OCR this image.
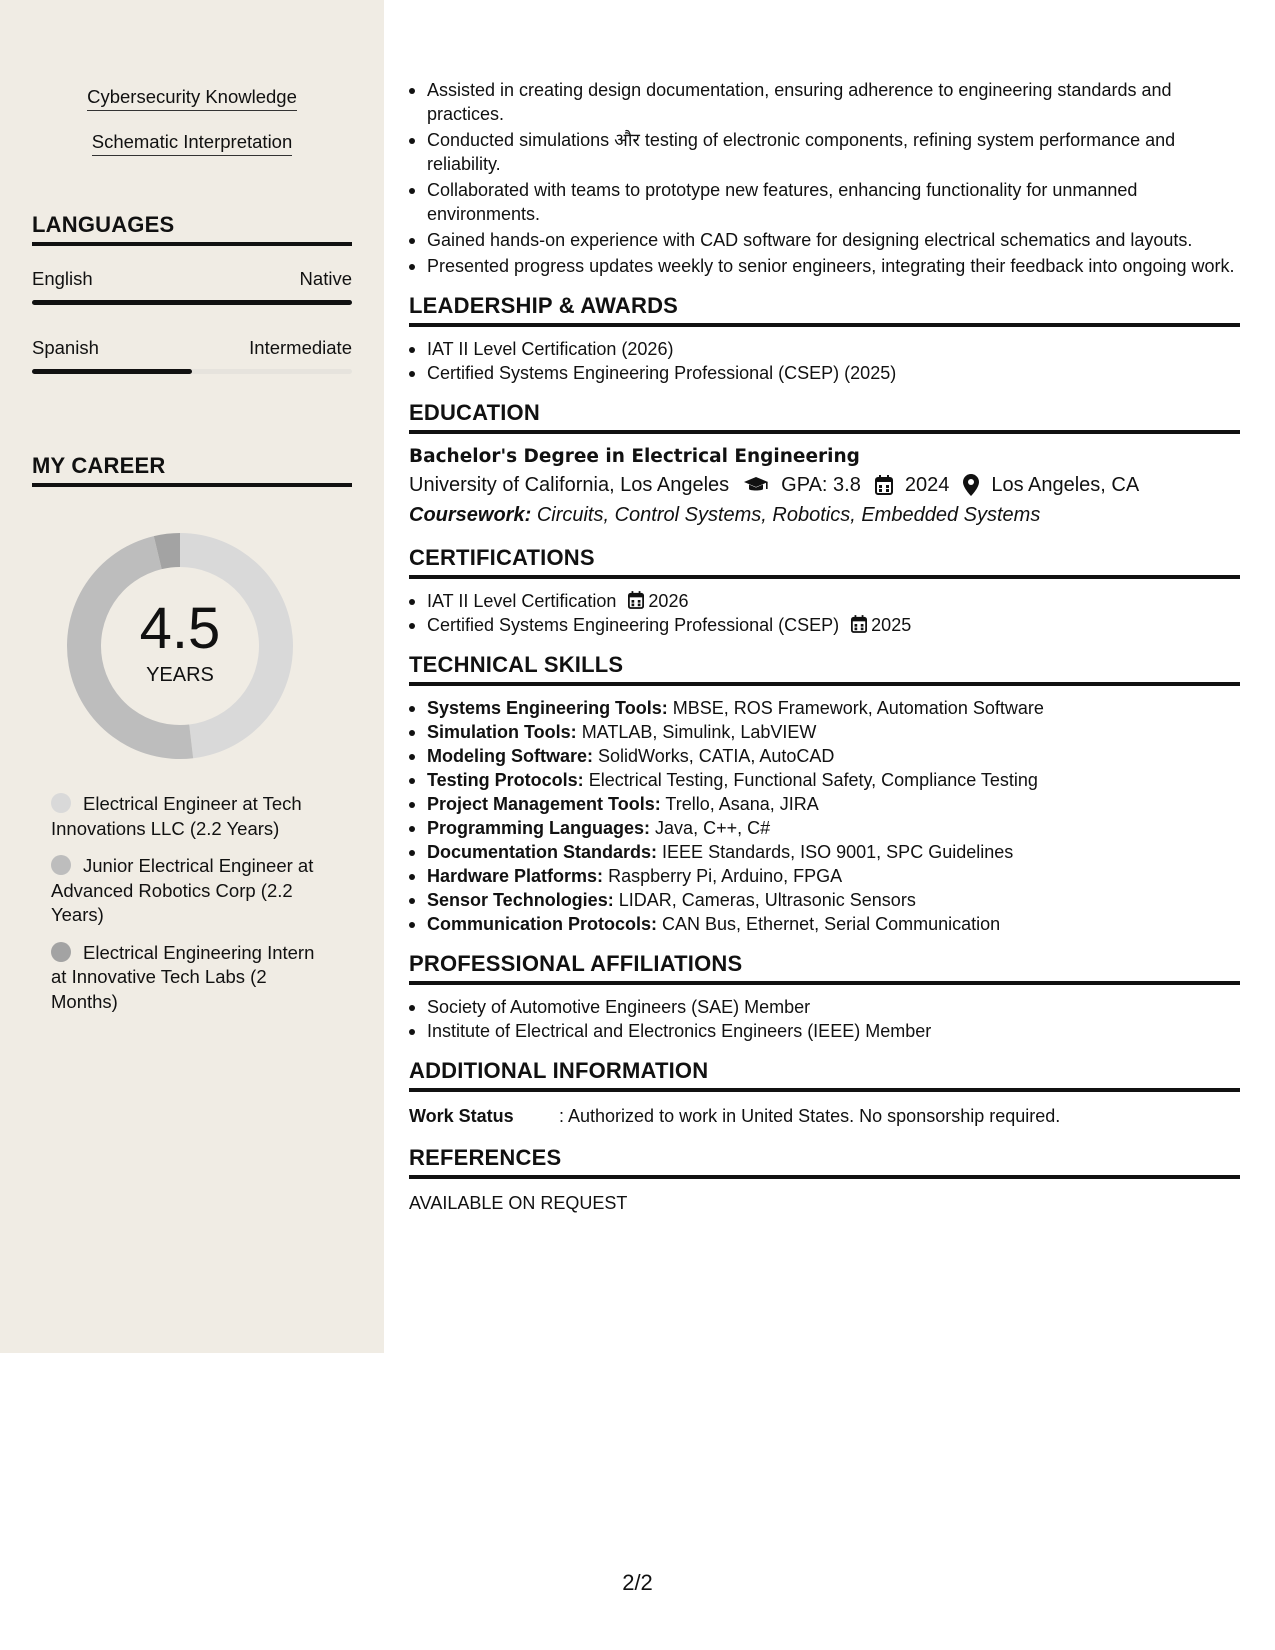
Cybersecurity Knowledge
Schematic Interpretation
LANGUAGES
English	Native
Spanish	Intermediate
MY CAREER
4.5
YEARS
Electrical Engineer at Tech Innovations LLC (2.2 Years)
Junior Electrical Engineer at Advanced Robotics Corp (2.2 Years)
Electrical Engineering Intern at Innovative Tech Labs (2 Months)
Assisted in creating design documentation, ensuring adherence to engineering standards and practices.
Conducted simulations और testing of electronic components, refining system performance and reliability.
Collaborated with teams to prototype new features, enhancing functionality for unmanned environments.
Gained hands-on experience with CAD software for designing electrical schematics and layouts.
Presented progress updates weekly to senior engineers, integrating their feedback into ongoing work.
LEADERSHIP & AWARDS
IAT II Level Certification (2026)
Certified Systems Engineering Professional (CSEP) (2025)
EDUCATION
Bachelor's Degree in Electrical Engineering
University of California, Los Angeles	GPA: 3.8 2024 Los Angeles, CA
Coursework: Circuits, Control Systems, Robotics, Embedded Systems
CERTIFICATIONS
IAT II Level Certification 2026
Certified Systems Engineering Professional (CSEP) 2025
TECHNICAL SKILLS
Systems Engineering Tools: MBSE, ROS Framework, Automation Software
Simulation Tools: MATLAB, Simulink, LabVIEW
Modeling Software: SolidWorks, CATIA, AutoCAD
Testing Protocols: Electrical Testing, Functional Safety, Compliance Testing
Project Management Tools: Trello, Asana, JIRA
Programming Languages: Java, C++, C#
Documentation Standards: IEEE Standards, ISO 9001, SPC Guidelines
Hardware Platforms: Raspberry Pi, Arduino, FPGA
Sensor Technologies: LIDAR, Cameras, Ultrasonic Sensors
Communication Protocols: CAN Bus, Ethernet, Serial Communication
PROFESSIONAL AFFILIATIONS
Society of Automotive Engineers (SAE) Member
Institute of Electrical and Electronics Engineers (IEEE) Member
ADDITIONAL INFORMATION
Work Status	: Authorized to work in United States. No sponsorship required.
REFERENCES
AVAILABLE ON REQUEST
2/2
